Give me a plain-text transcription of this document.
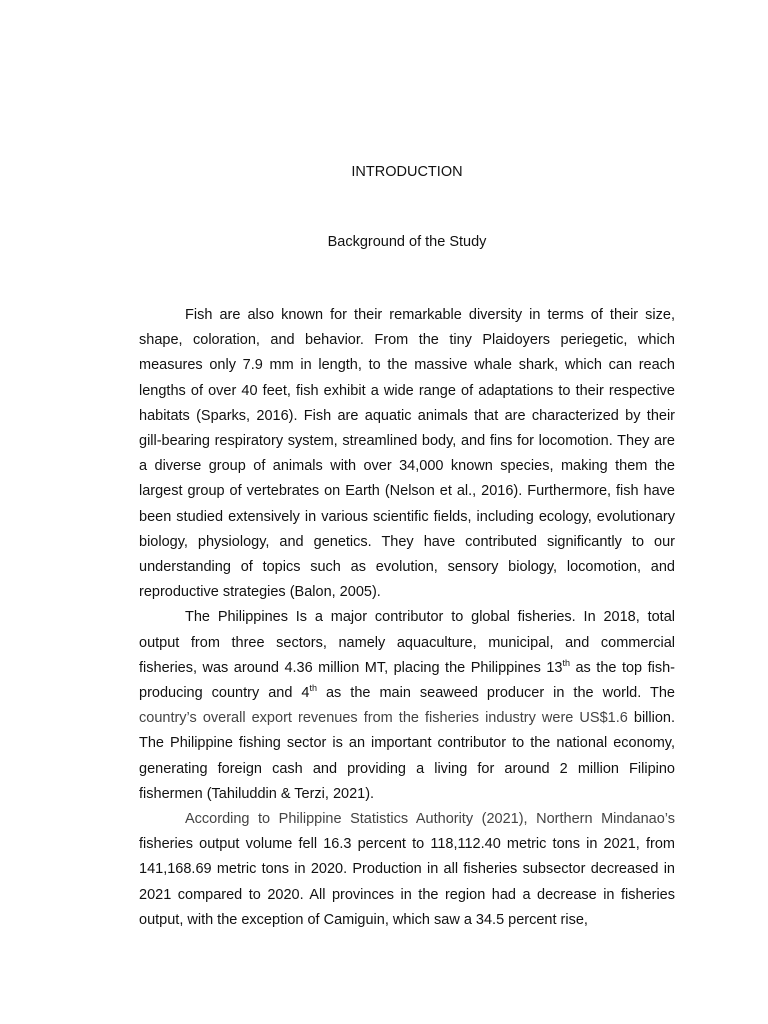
INTRODUCTION
Background of the Study

Fish are also known for their remarkable diversity in terms of their size, shape, coloration, and behavior. From the tiny Plaidoyers periegetic, which measures only 7.9 mm in length, to the massive whale shark, which can reach lengths of over 40 feet, fish exhibit a wide range of adaptations to their respective habitats (Sparks, 2016). Fish are aquatic animals that are characterized by their gill-bearing respiratory system, streamlined body, and fins for locomotion. They are a diverse group of animals with over 34,000 known species, making them the largest group of vertebrates on Earth (Nelson et al., 2016). Furthermore, fish have been studied extensively in various scientific fields, including ecology, evolutionary biology, physiology, and genetics. They have contributed significantly to our understanding of topics such as evolution, sensory biology, locomotion, and reproductive strategies (Balon, 2005).

The Philippines Is a major contributor to global fisheries. In 2018, total output from three sectors, namely aquaculture, municipal, and commercial fisheries, was around 4.36 million MT, placing the Philippines 13th as the top fish-producing country and 4th as the main seaweed producer in the world. The country’s overall export revenues from the fisheries industry were US$1.6 billion. The Philippine fishing sector is an important contributor to the national economy, generating foreign cash and providing a living for around 2 million Filipino fishermen (Tahiluddin & Terzi, 2021).

According to Philippine Statistics Authority (2021), Northern Mindanao’s fisheries output volume fell 16.3 percent to 118,112.40 metric tons in 2021, from 141,168.69 metric tons in 2020. Production in all fisheries subsector decreased in 2021 compared to 2020. All provinces in the region had a decrease in fisheries output, with the exception of Camiguin, which saw a 34.5 percent rise,
